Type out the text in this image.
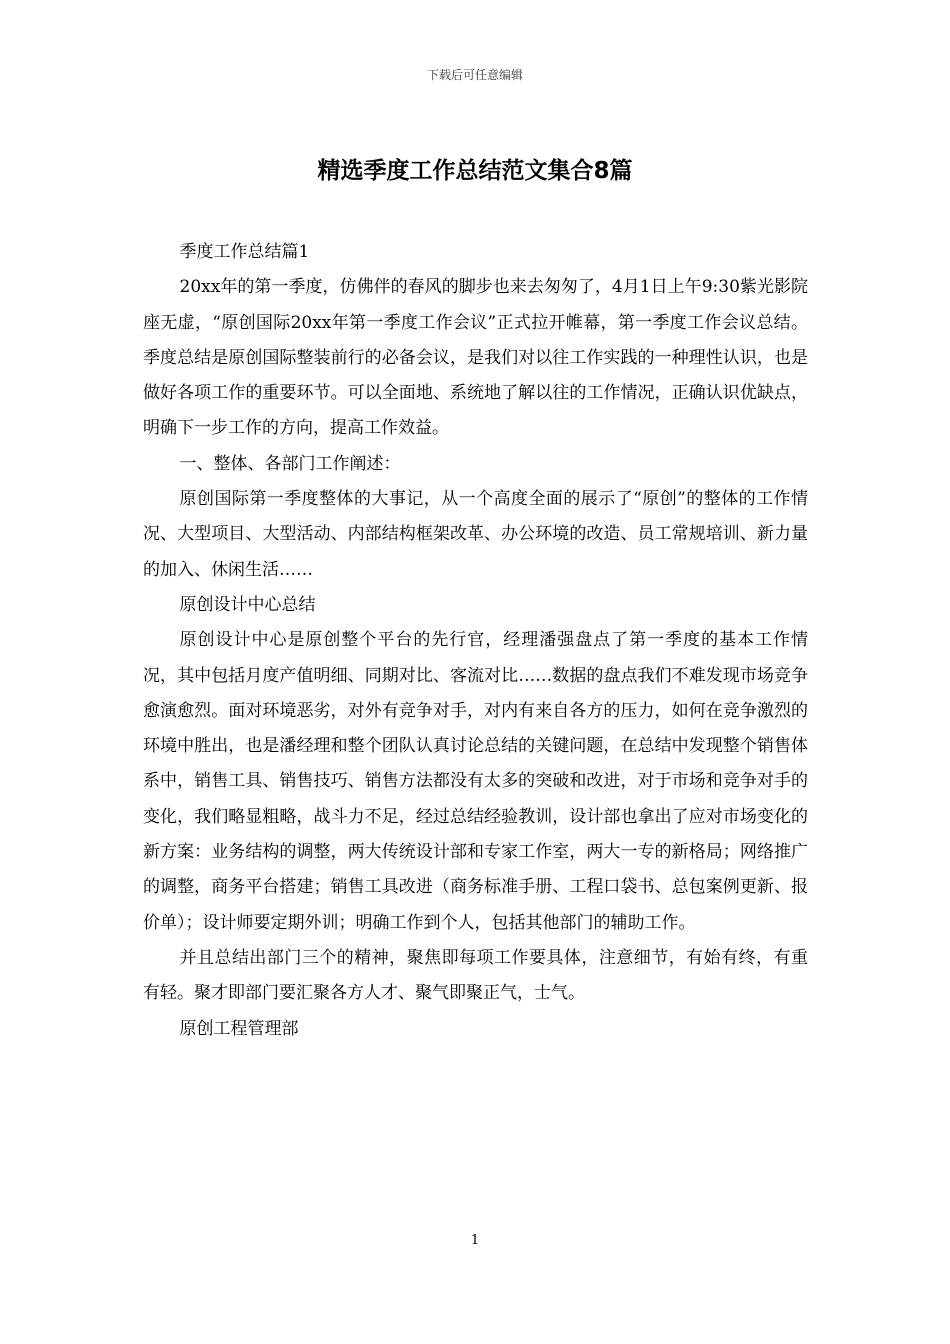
下载后可任意编辑
精选季度工作总结范文集合8篇

季度工作总结篇1

20xx年的第一季度，仿佛伴的春风的脚步也来去匆匆了，4月1日上午9:30紫光影院座无虚，“原创国际20xx年第一季度工作会议”正式拉开帷幕，第一季度工作会议总结。季度总结是原创国际整装前行的必备会议，是我们对以往工作实践的一种理性认识，也是做好各项工作的重要环节。可以全面地、系统地了解以往的工作情况，正确认识优缺点，明确下一步工作的方向，提高工作效益。

一、整体、各部门工作阐述：

原创国际第一季度整体的大事记，从一个高度全面的展示了“原创”的整体的工作情况、大型项目、大型活动、内部结构框架改革、办公环境的改造、员工常规培训、新力量的加入、休闲生活……

原创设计中心总结

原创设计中心是原创整个平台的先行官，经理潘强盘点了第一季度的基本工作情况，其中包括月度产值明细、同期对比、客流对比……数据的盘点我们不难发现市场竞争愈演愈烈。面对环境恶劣，对外有竞争对手，对内有来自各方的压力，如何在竞争激烈的环境中胜出，也是潘经理和整个团队认真讨论总结的关键问题，在总结中发现整个销售体系中，销售工具、销售技巧、销售方法都没有太多的突破和改进，对于市场和竞争对手的变化，我们略显粗略，战斗力不足，经过总结经验教训，设计部也拿出了应对市场变化的新方案：业务结构的调整，两大传统设计部和专家工作室，两大一专的新格局；网络推广的调整，商务平台搭建；销售工具改进（商务标准手册、工程口袋书、总包案例更新、报价单）；设计师要定期外训；明确工作到个人，包括其他部门的辅助工作。

并且总结出部门三个的精神，聚焦即每项工作要具体，注意细节，有始有终，有重有轻。聚才即部门要汇聚各方人才、聚气即聚正气，士气。

原创工程管理部

1
